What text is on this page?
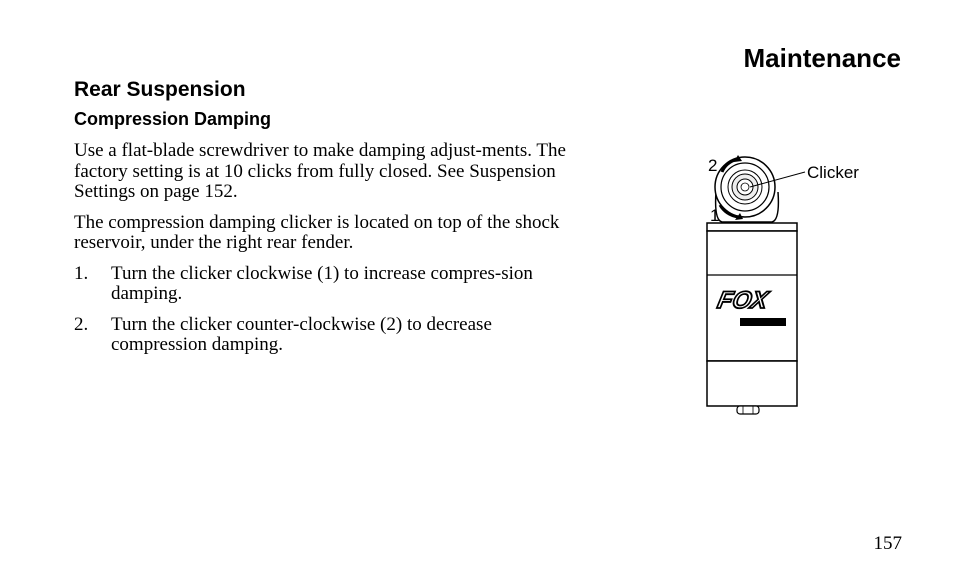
Maintenance
Rear Suspension
Compression Damping

Use a flat-blade screwdriver to make damping adjust-ments. The factory setting is at 10 clicks from fully closed. See Suspension Settings on page 152.

The compression damping clicker is located on top of the shock reservoir, under the right rear fender.

1.	Turn the clicker clockwise (1) to increase compres-sion damping.
2.	Turn the clicker counter-clockwise (2) to decrease compression damping.
FOX
2
1
Clicker
157
